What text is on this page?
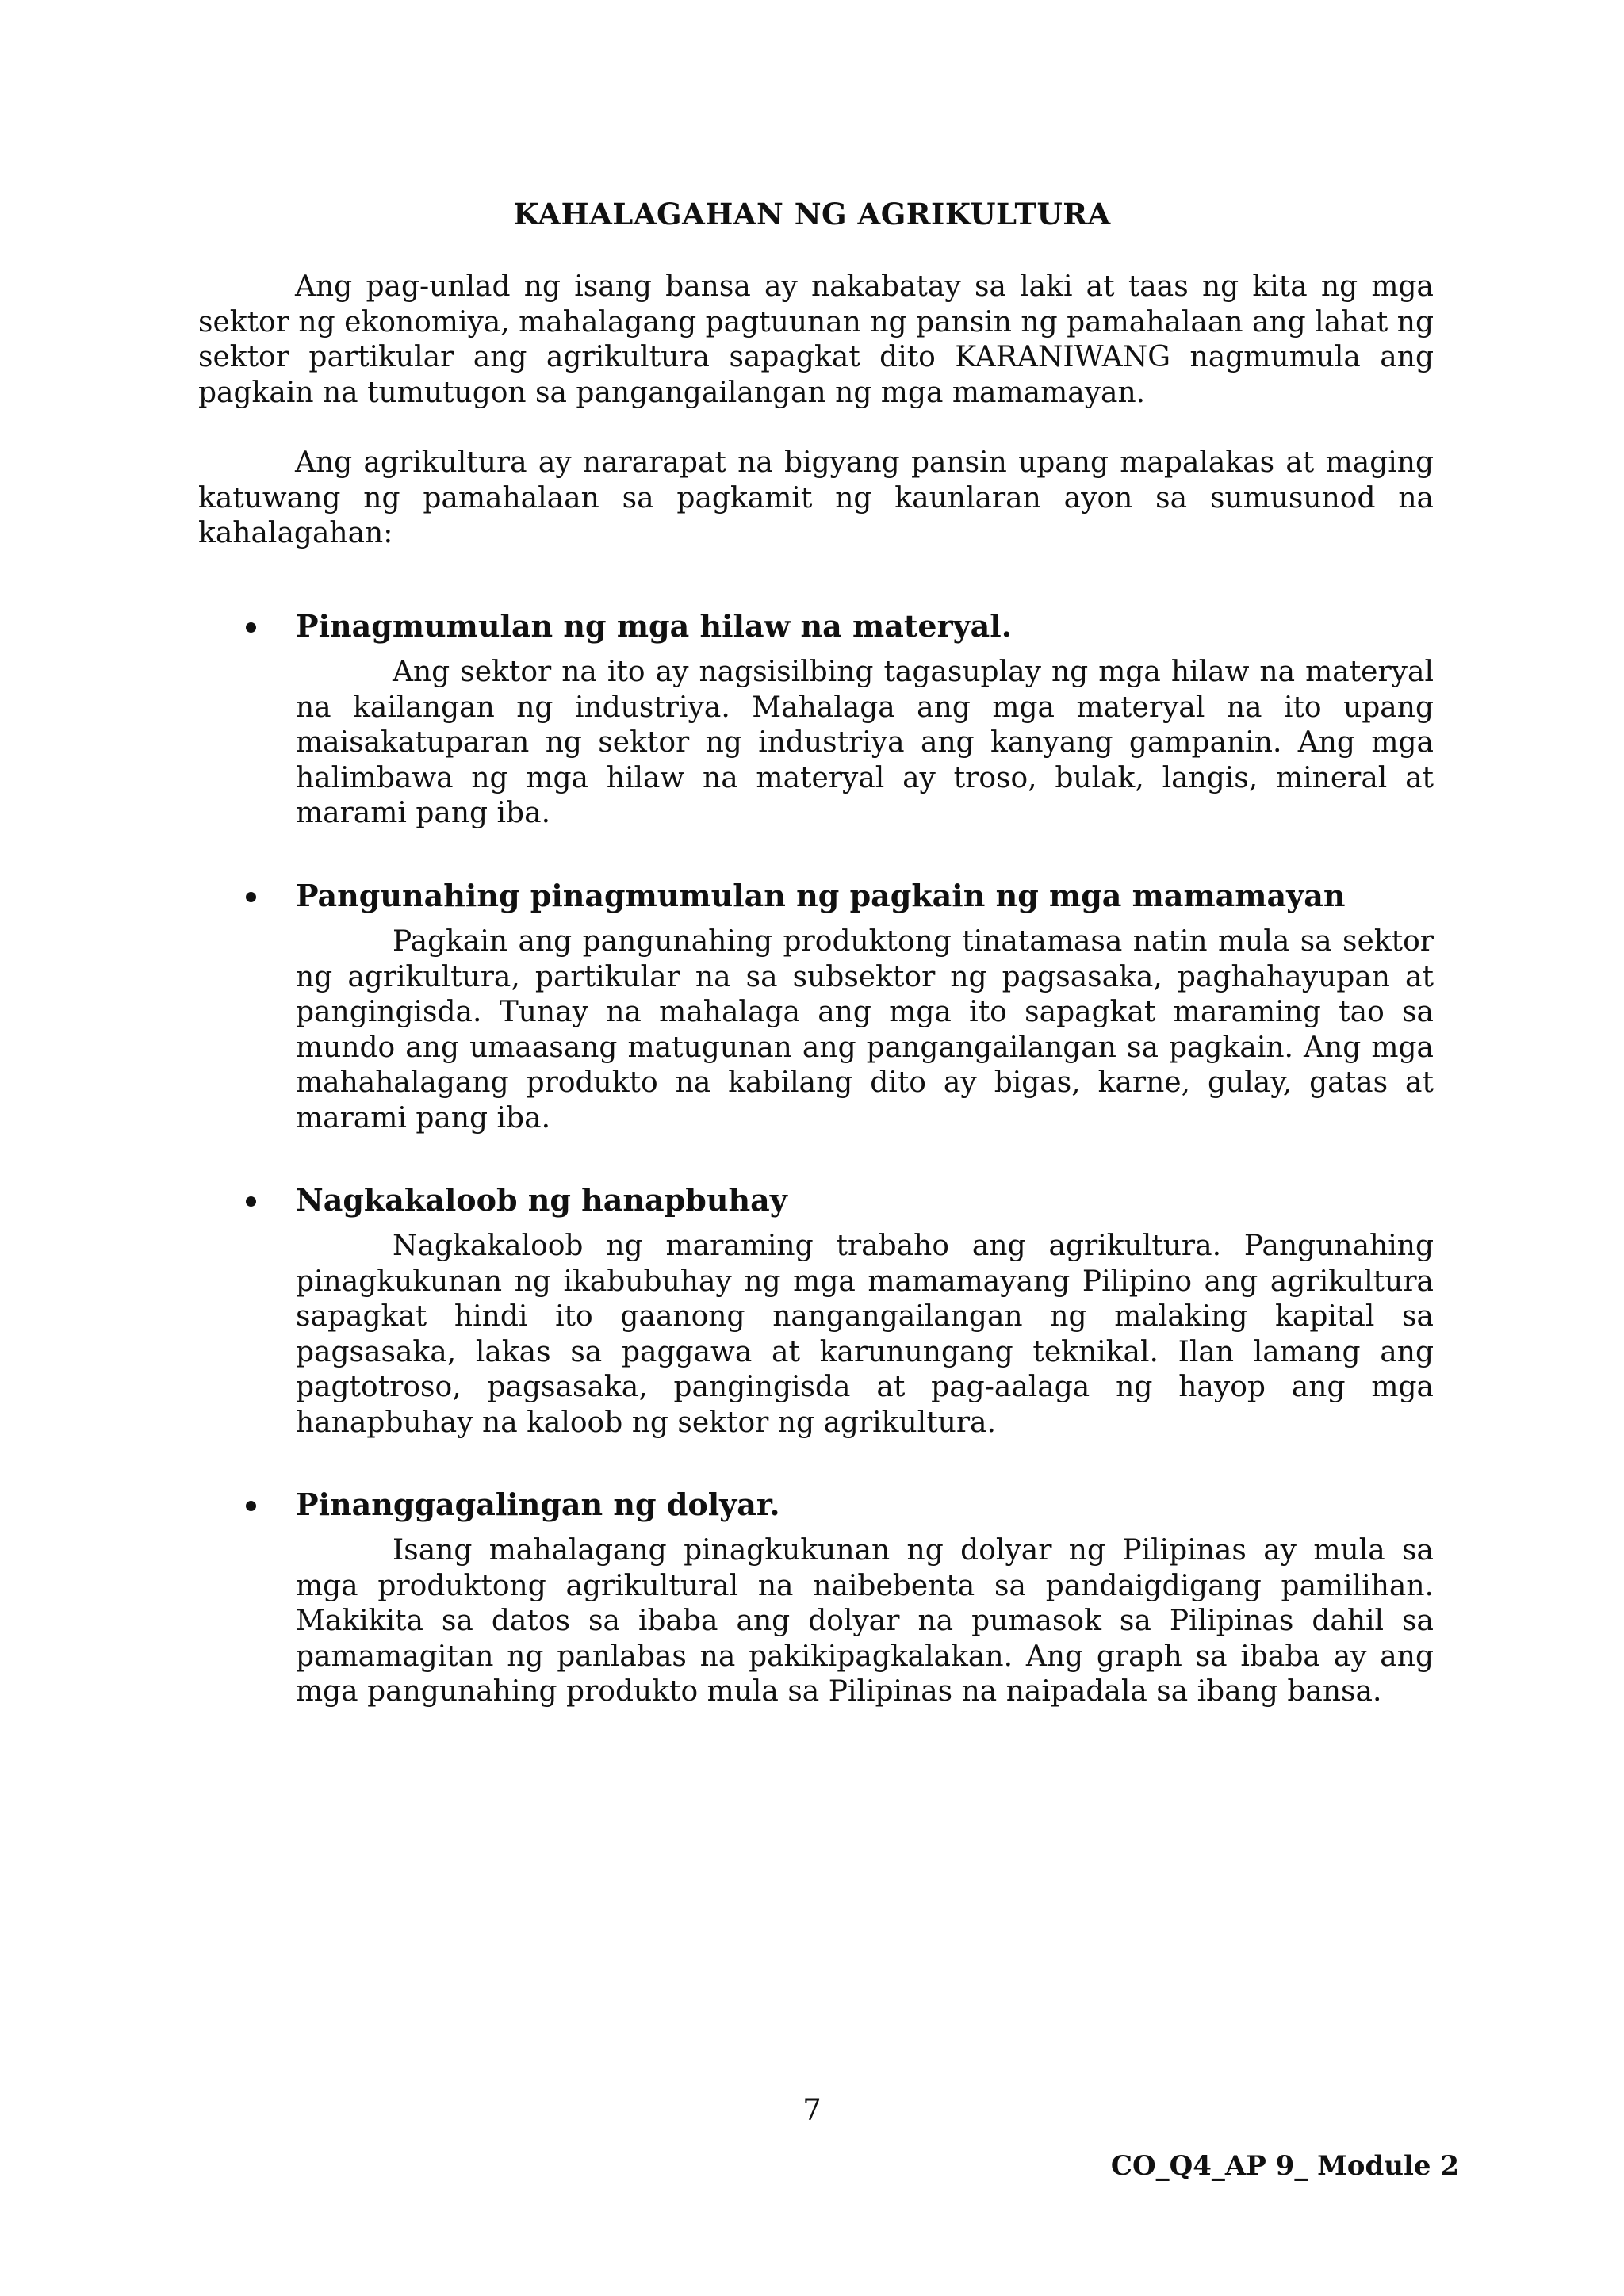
KAHALAGAHAN NG AGRIKULTURA

Ang pag-unlad ng isang bansa ay nakabatay sa laki at taas ng kita ng mga sektor ng ekonomiya, mahalagang pagtuunan ng pansin ng pamahalaan ang lahat ng sektor partikular ang agrikultura sapagkat dito KARANIWANG nagmumula ang pagkain na tumutugon sa pangangailangan ng mga mamamayan.

Ang agrikultura ay nararapat na bigyang pansin upang mapalakas at maging katuwang ng pamahalaan sa pagkamit ng kaunlaran ayon sa sumusunod na kahalagahan:

Pinagmumulan ng mga hilaw na materyal.
Ang sektor na ito ay nagsisilbing tagasuplay ng mga hilaw na materyal na kailangan ng industriya. Mahalaga ang mga materyal na ito upang maisakatuparan ng sektor ng industriya ang kanyang gampanin. Ang mga halimbawa ng mga hilaw na materyal ay troso, bulak, langis, mineral at marami pang iba.
Pangunahing pinagmumulan ng pagkain ng mga mamamayan
Pagkain ang pangunahing produktong tinatamasa natin mula sa sektor ng agrikultura, partikular na sa subsektor ng pagsasaka, paghahayupan at pangingisda. Tunay na mahalaga ang mga ito sapagkat maraming tao sa mundo ang umaasang matugunan ang pangangailangan sa pagkain. Ang mga mahahalagang produkto na kabilang dito ay bigas, karne, gulay, gatas at marami pang iba.
Nagkakaloob ng hanapbuhay
Nagkakaloob ng maraming trabaho ang agrikultura. Pangunahing pinagkukunan ng ikabubuhay ng mga mamamayang Pilipino ang agrikultura sapagkat hindi ito gaanong nangangailangan ng malaking kapital sa pagsasaka, lakas sa paggawa at karunungang teknikal. Ilan lamang ang pagtotroso, pagsasaka, pangingisda at pag-aalaga ng hayop ang mga hanapbuhay na kaloob ng sektor ng agrikultura.
Pinanggagalingan ng dolyar.
Isang mahalagang pinagkukunan ng dolyar ng Pilipinas ay mula sa mga produktong agrikultural na naibebenta sa pandaigdigang pamilihan. Makikita sa datos sa ibaba ang dolyar na pumasok sa Pilipinas dahil sa pamamagitan ng panlabas na pakikipagkalakan. Ang graph sa ibaba ay ang mga pangunahing produkto mula sa Pilipinas na naipadala sa ibang bansa.
7
CO_Q4_AP 9_ Module 2
